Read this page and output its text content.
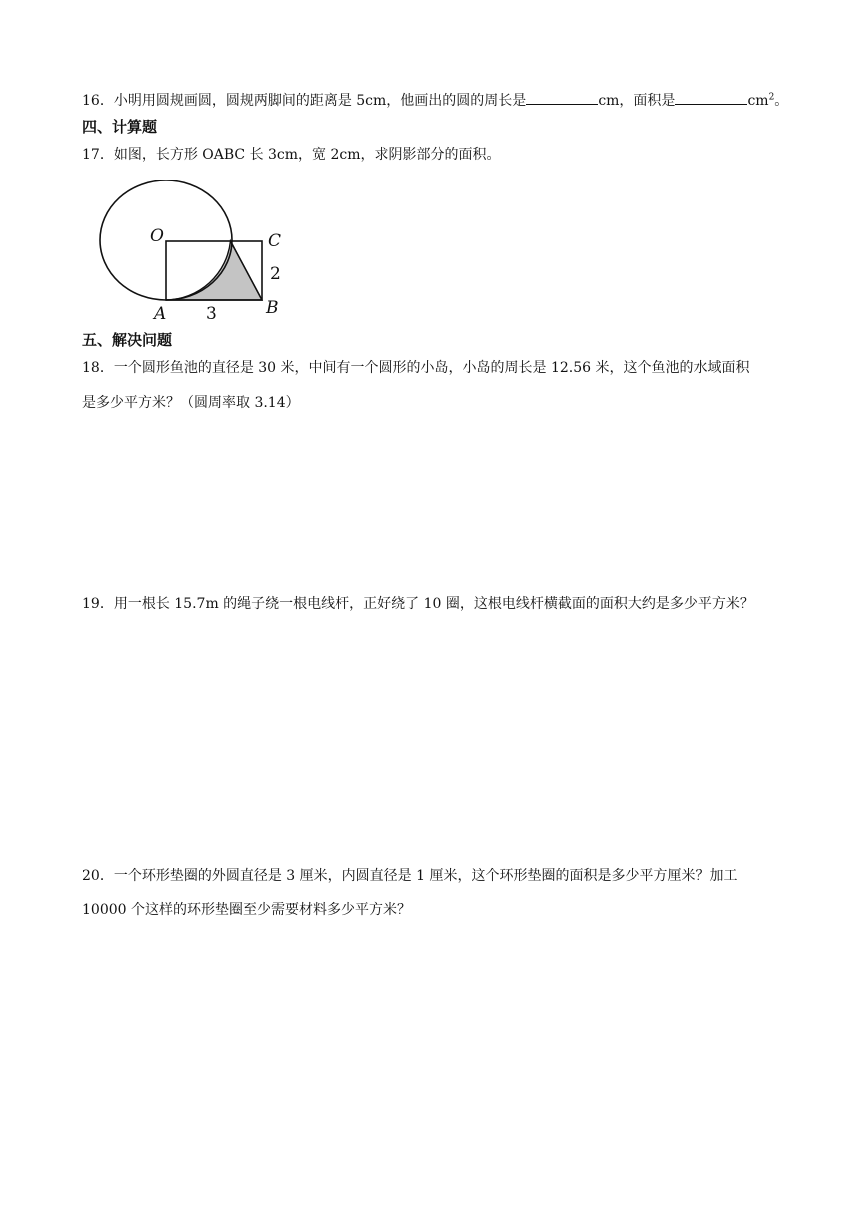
16．小明用圆规画圆，圆规两脚间的距离是 5cm，他画出的圆的周长是	cm，面积是	$cm^2$。
四、计算题
17．如图，长方形 OABC 长 3cm，宽 2cm，求阴影部分的面积。
O	C
2
B
A 3
五、解决问题
18．一个圆形鱼池的直径是 30 米，中间有一个圆形的小岛，小岛的周长是 12.56 米，这个鱼池的水域面积
是多少平方米？（圆周率取 3.14）
19．用一根长 15.7m 的绳子绕一根电线杆，正好绕了 10 圈，这根电线杆横截面的面积大约是多少平方米？
20．一个环形垫圈的外圆直径是 3 厘米，内圆直径是 1 厘米，这个环形垫圈的面积是多少平方厘米？加工
10000 个这样的环形垫圈至少需要材料多少平方米？
